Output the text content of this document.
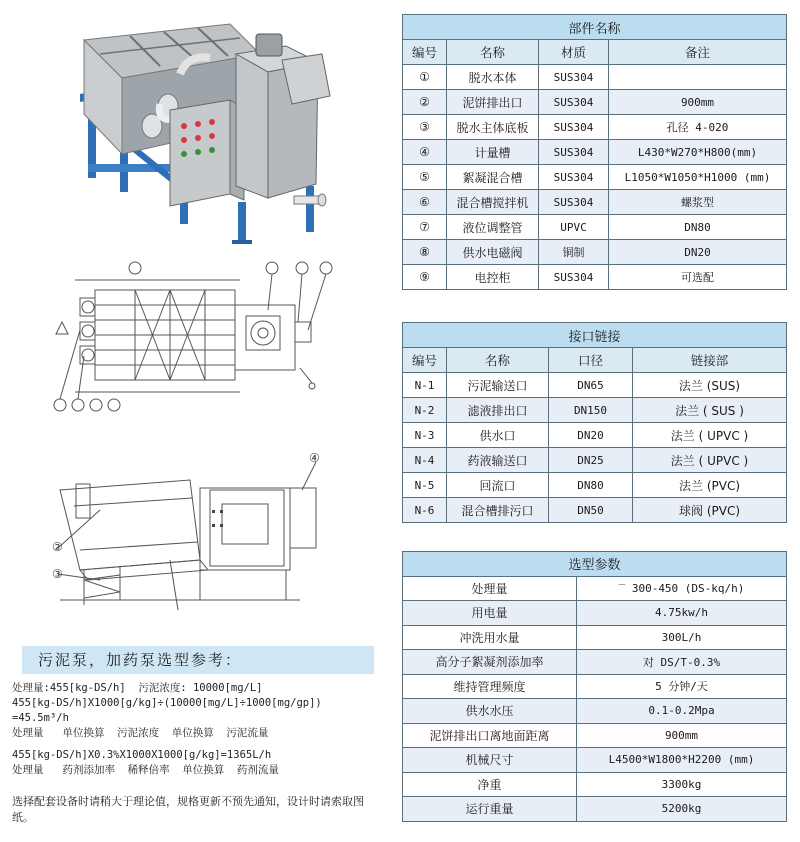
②
③
④
污泥泵，加药泵选型参考：
处理量:455[kg-DS/h]  污泥浓度: 10000[mg/L]
455[kg-DS/h]X1000[g/kg]÷(10000[mg/L]÷1000[mg/gp])
=45.5m³/h
处理量   单位换算  污泥浓度  单位换算  污泥流量
455[kg-DS/h]X0.3%X1000X1000[g/kg]=1365L/h
处理量   药剂添加率  稀释倍率  单位换算  药剂流量
选择配套设备时请稍大于理论值，规格更新不预先通知，设计时请索取图纸。
部件名称			
编号	名称	材质	备注
①	脱水本体	SUS304	
②	泥饼排出口	SUS304	900mm
③	脱水主体底板	SUS304	孔径 4-020
④	计量槽	SUS304	L430*W270*H800(mm)
⑤	絮凝混合槽	SUS304	L1050*W1050*H1000 (mm)
⑥	混合槽搅拌机	SUS304	螺浆型
⑦	液位调整管	UPVC	DN80
⑧	供水电磁阀	铜制	DN20
⑨	电控柜	SUS304	可选配
接口链接			
编号	名称	口径	链接部
N-1	污泥输送口	DN65	法兰 (SUS)
N-2	滤液排出口	DN150	法兰 ( SUS )
N-3	供水口	DN20	法兰 ( UPVC )
N-4	药液输送口	DN25	法兰 ( UPVC )
N-5	回流口	DN80	法兰 (PVC)
N-6	混合槽排污口	DN50	球阀 (PVC)
选型参数	
处理量	‾ 300-450 (DS-kq/h)
用电量	4.75kw/h
冲洗用水量	300L/h
高分子絮凝剂添加率	对 DS/T-0.3%
维持管理频度	5 分钟/天
供水水压	0.1-0.2Mpa
泥饼排出口离地面距离	900mm
机械尺寸	L4500*W1800*H2200 (mm)
净重	3300kg
运行重量	5200kg
